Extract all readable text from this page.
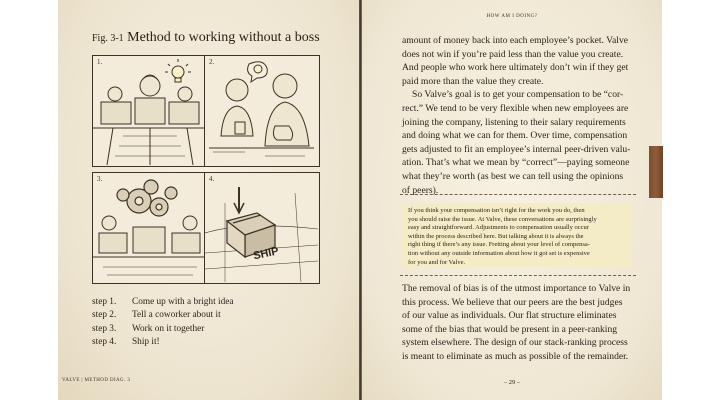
Fig. 3-1 Method to working without a boss
1.	2.
3.	4.
SHIP
step 1. Come up with a bright idea
step 2. Tell a coworker about it
step 3. Work on it together
step 4. Ship it!
VALVE | METHOD DIAG. 3
HOW AM I DOING?
amount of money back into each employee’s pocket. Valve
does not win if you’re paid less than the value you create.
And people who work here ultimately don’t win if they get
paid more than the value they create.
So Valve’s goal is to get your compensation to be “cor-
rect.” We tend to be very flexible when new employees are
joining the company, listening to their salary requirements
and doing what we can for them. Over time, compensation
gets adjusted to fit an employee’s internal peer-driven valu-
ation. That’s what we mean by “correct”—paying someone
what they’re worth (as best we can tell using the opinions
of peers).
If you think your compensation isn’t right for the work you do, then
you should raise the issue. At Valve, these conversations are surprisingly
easy and straightforward. Adjustments to compensation usually occur
within the process described here. But talking about it is always the
right thing if there’s any issue. Fretting about your level of compensa-
tion without any outside information about how it got set is expensive
for you and for Valve.
The removal of bias is of the utmost importance to Valve in
this process. We believe that our peers are the best judges
of our value as individuals. Our flat structure eliminates
some of the bias that would be present in a peer-ranking
system elsewhere. The design of our stack-ranking process
is meant to eliminate as much as possible of the remainder.
– 29 –
